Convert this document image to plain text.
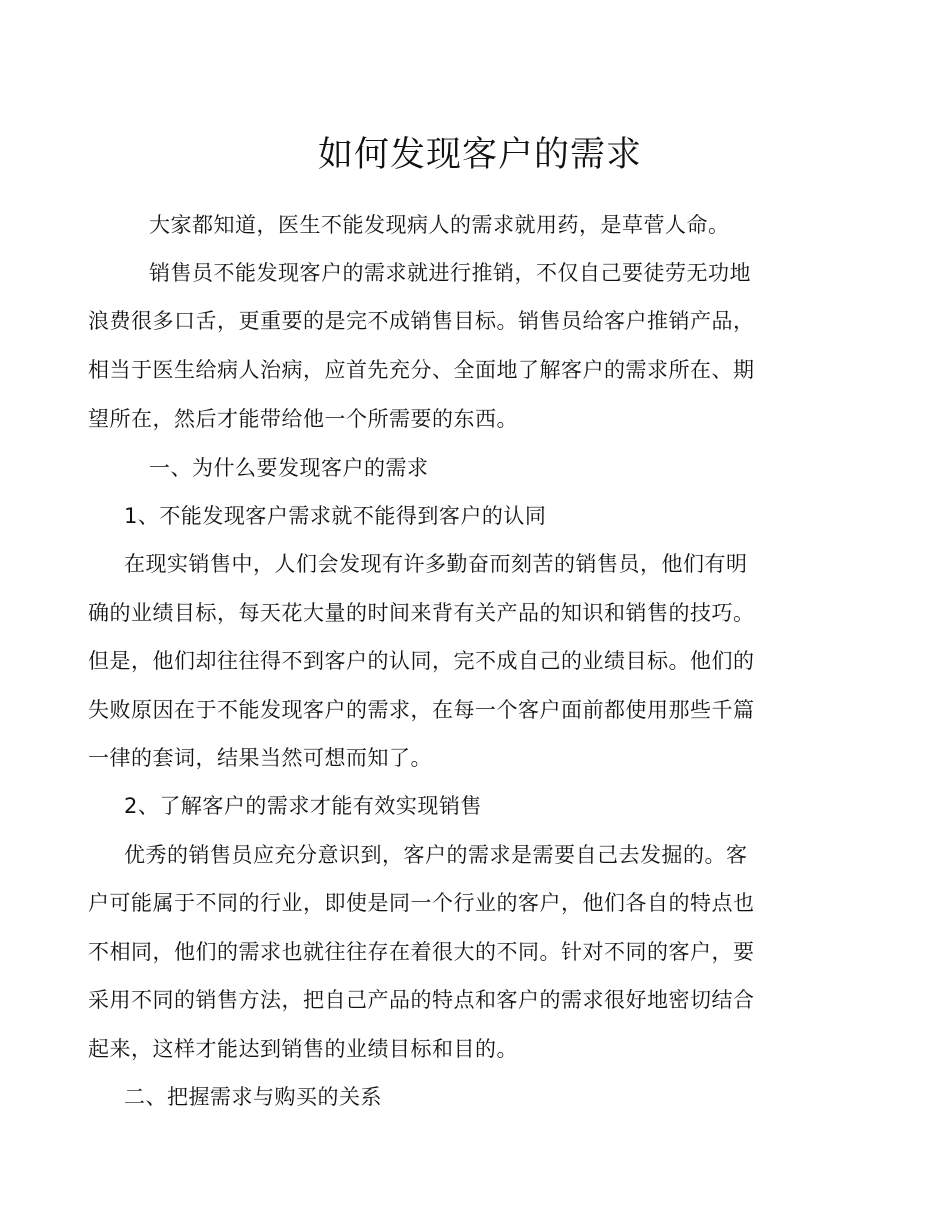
如何发现客户的需求
大家都知道，医生不能发现病人的需求就用药，是草菅人命。
销售员不能发现客户的需求就进行推销，不仅自己要徒劳无功地
浪费很多口舌，更重要的是完不成销售目标。销售员给客户推销产品，
相当于医生给病人治病，应首先充分、全面地了解客户的需求所在、期
望所在，然后才能带给他一个所需要的东西。
一、为什么要发现客户的需求
1、不能发现客户需求就不能得到客户的认同
在现实销售中，人们会发现有许多勤奋而刻苦的销售员，他们有明
确的业绩目标，每天花大量的时间来背有关产品的知识和销售的技巧。
但是，他们却往往得不到客户的认同，完不成自己的业绩目标。他们的
失败原因在于不能发现客户的需求，在每一个客户面前都使用那些千篇
一律的套词，结果当然可想而知了。
2、了解客户的需求才能有效实现销售
优秀的销售员应充分意识到，客户的需求是需要自己去发掘的。客
户可能属于不同的行业，即使是同一个行业的客户，他们各自的特点也
不相同，他们的需求也就往往存在着很大的不同。针对不同的客户，要
采用不同的销售方法，把自己产品的特点和客户的需求很好地密切结合
起来，这样才能达到销售的业绩目标和目的。
二、把握需求与购买的关系
